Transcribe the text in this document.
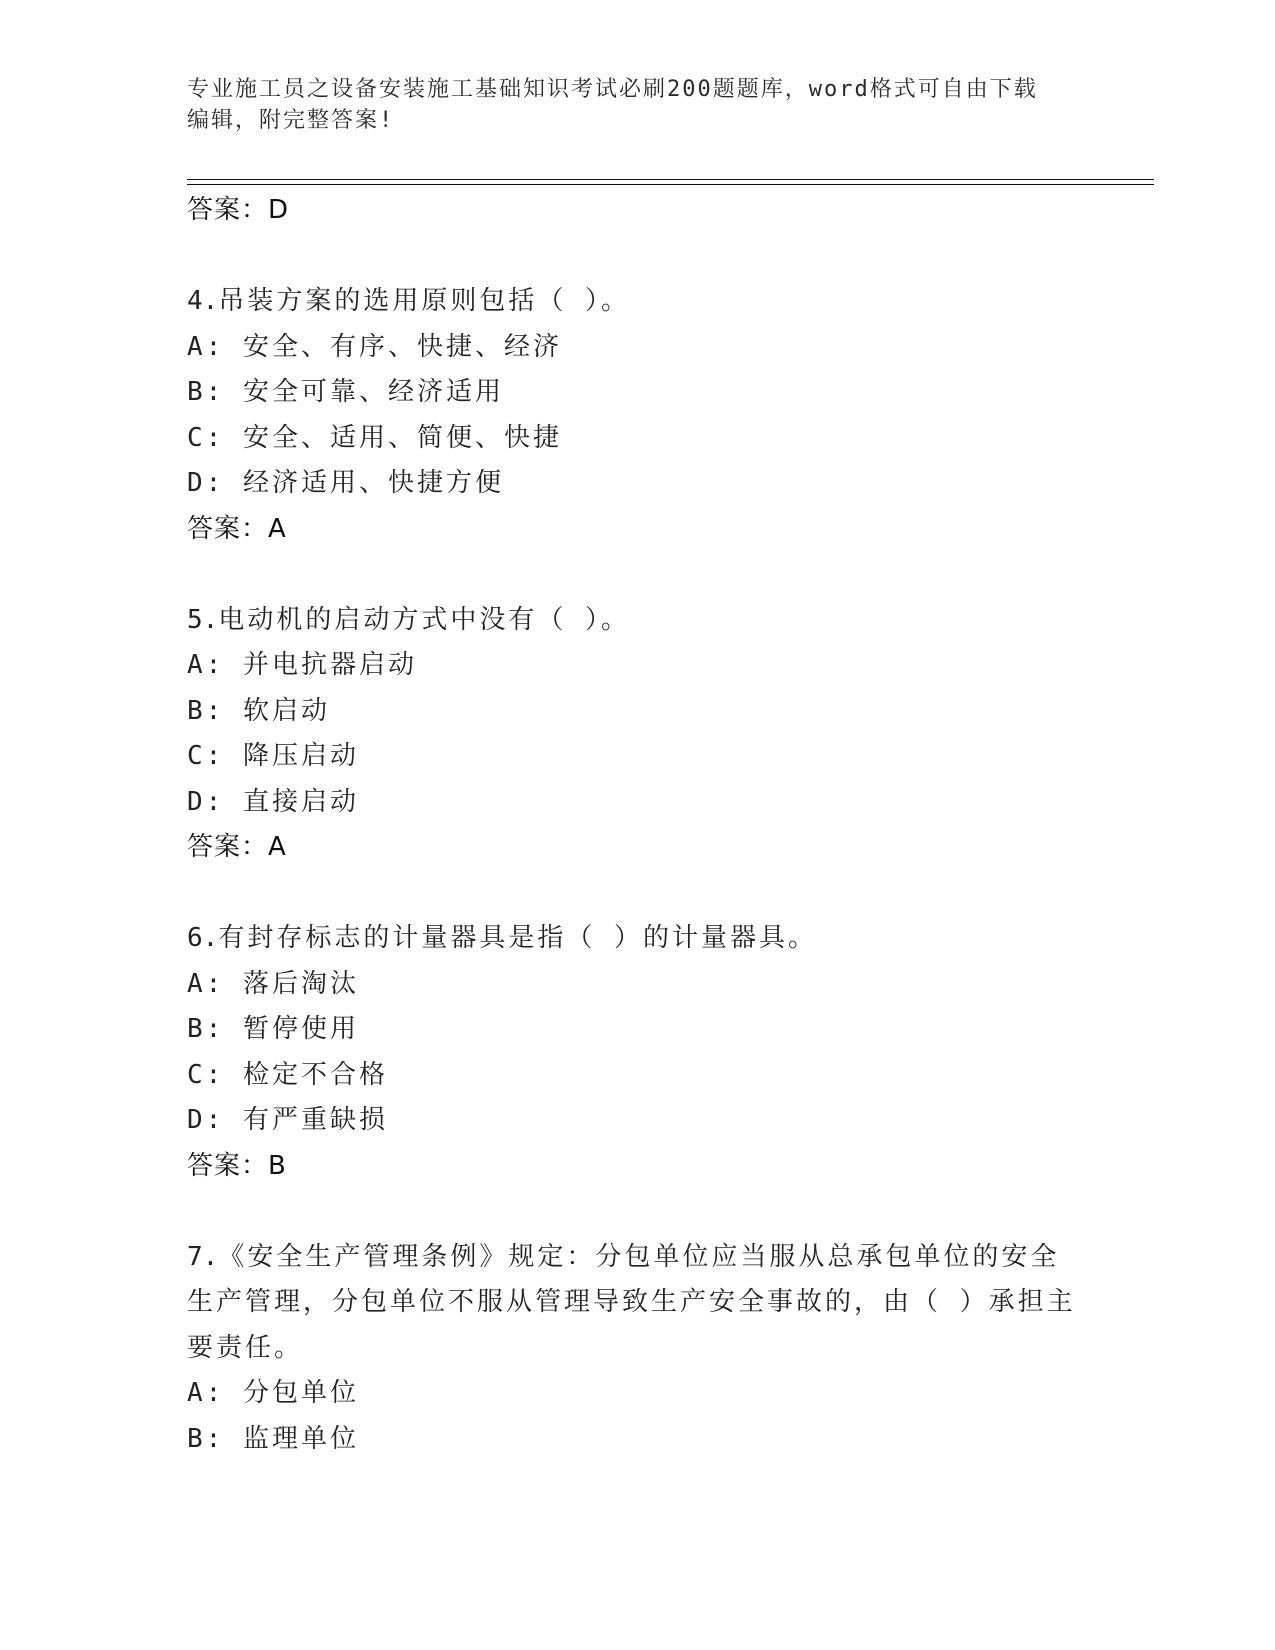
专业施工员之设备安装施工基础知识考试必刷200题题库，word格式可自由下载
编辑，附完整答案!
答案：D
4.吊装方案的选用原则包括（ ）。
A: 安全、有序、快捷、经济
B: 安全可靠、经济适用
C: 安全、适用、简便、快捷
D: 经济适用、快捷方便
答案：A
5.电动机的启动方式中没有（ ）。
A: 并电抗器启动
B: 软启动
C: 降压启动
D: 直接启动
答案：A
6.有封存标志的计量器具是指（ ）的计量器具。
A: 落后淘汰
B: 暂停使用
C: 检定不合格
D: 有严重缺损
答案：B
7.《安全生产管理条例》规定：分包单位应当服从总承包单位的安全
生产管理，分包单位不服从管理导致生产安全事故的，由（ ）承担主
要责任。
A: 分包单位
B: 监理单位
